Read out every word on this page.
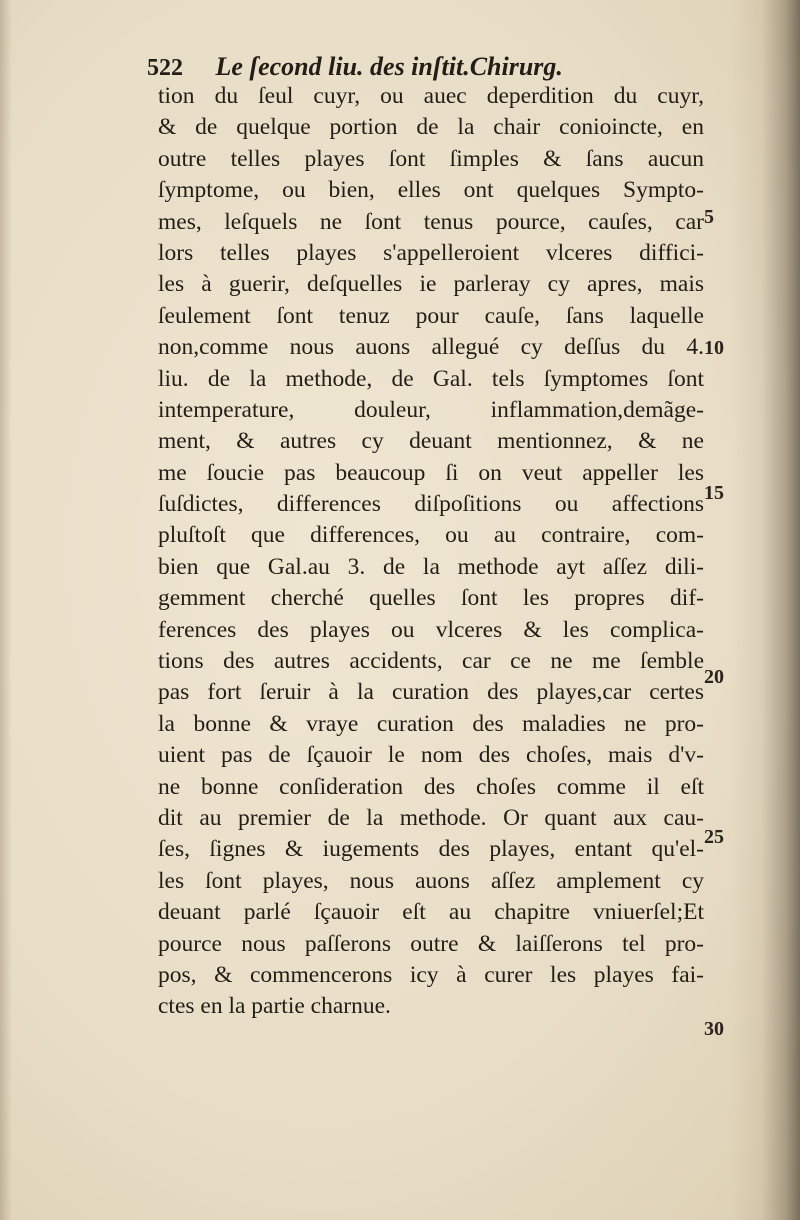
522 Le ſecond liu. des inſtit.Chirurg.
tion du ſeul cuyr, ou auec deperdition du cuyr,
& de quelque portion de la chair conioincte, en
outre telles playes ſont ſimples & ſans aucun
ſymptome, ou bien, elles ont quelques Sympto-
mes, leſquels ne ſont tenus pource, cauſes, car
lors telles playes s'appelleroient vlceres diffici-
les à guerir, deſquelles ie parleray cy apres, mais
ſeulement ſont tenuz pour cauſe, ſans laquelle
non,comme nous auons allegué cy deſſus du 4.
liu. de la methode, de Gal. tels ſymptomes ſont
intemperature, douleur, inflammation,demãge-
ment, & autres cy deuant mentionnez, & ne
me ſoucie pas beaucoup ſi on veut appeller les
ſuſdictes, differences diſpoſitions ou affections
pluſtoſt que differences, ou au contraire, com-
bien que Gal.au 3. de la methode ayt aſſez dili-
gemment cherché quelles ſont les propres dif-
ferences des playes ou vlceres & les complica-
tions des autres accidents, car ce ne me ſemble
pas fort ſeruir à la curation des playes,car certes
la bonne & vraye curation des maladies ne pro-
uient pas de ſçauoir le nom des choſes, mais d'v-
ne bonne conſideration des choſes comme il eſt
dit au premier de la methode. Or quant aux cau-
ſes, ſignes & iugements des playes, entant qu'el-
les ſont playes, nous auons aſſez amplement cy
deuant parlé ſçauoir eſt au chapitre vniuerſel;Et
pource nous paſſerons outre & laiſſerons tel pro-
pos, & commencerons icy à curer les playes fai-
ctes en la partie charnue.
5
10
15
20
25
30
